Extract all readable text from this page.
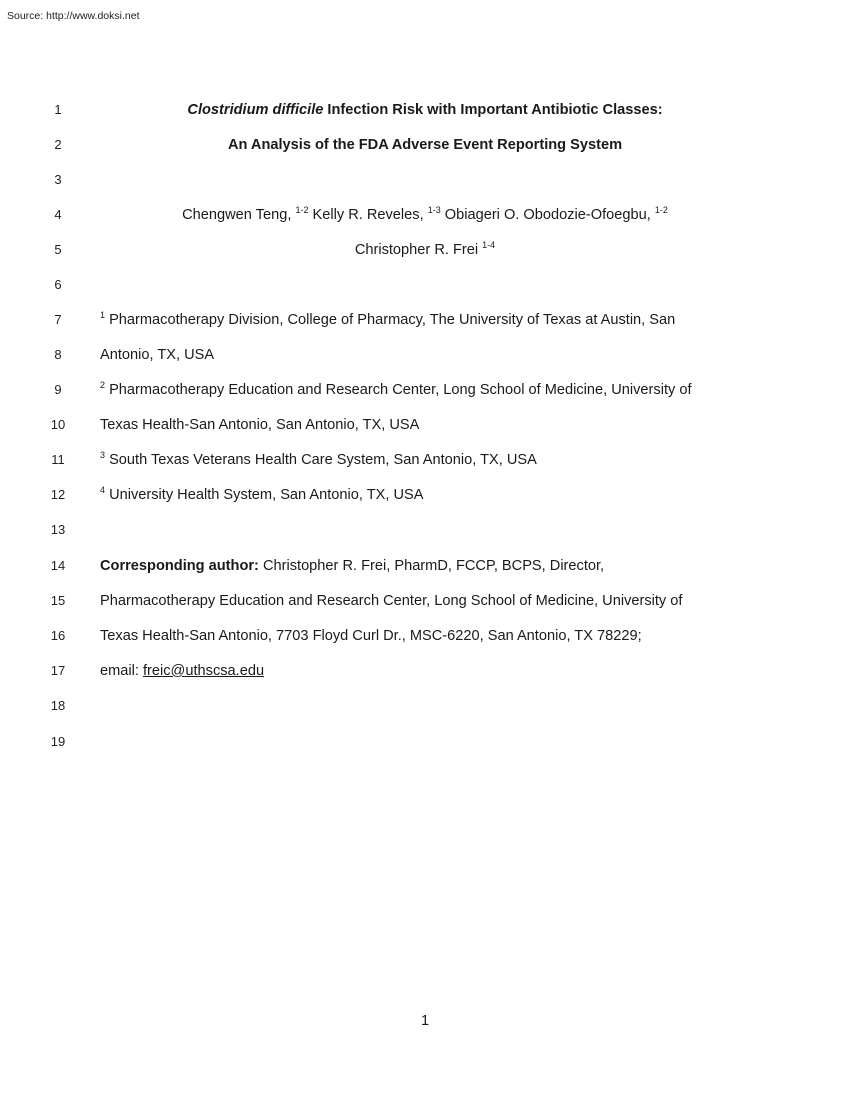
Source: http://www.doksi.net
1	Clostridium difficile Infection Risk with Important Antibiotic Classes:
2	An Analysis of the FDA Adverse Event Reporting System
3
4	Chengwen Teng, $^{1-2}$ Kelly R. Reveles, $^{1-3}$ Obiageri O. Obodozie-Ofoegbu, $^{1-2}$
5	Christopher R. Frei $^{1-4}$
6
7	$^1$ Pharmacotherapy Division, College of Pharmacy, The University of Texas at Austin, San
8	Antonio, TX, USA
9	$^2$ Pharmacotherapy Education and Research Center, Long School of Medicine, University of
10	Texas Health-San Antonio, San Antonio, TX, USA
11	$^3$ South Texas Veterans Health Care System, San Antonio, TX, USA
12	$^4$ University Health System, San Antonio, TX, USA
13
14	Corresponding author: Christopher R. Frei, PharmD, FCCP, BCPS, Director,
15	Pharmacotherapy Education and Research Center, Long School of Medicine, University of
16	Texas Health-San Antonio, 7703 Floyd Curl Dr., MSC-6220, San Antonio, TX 78229;
17	email: freic@uthscsa.edu
18
19
1
